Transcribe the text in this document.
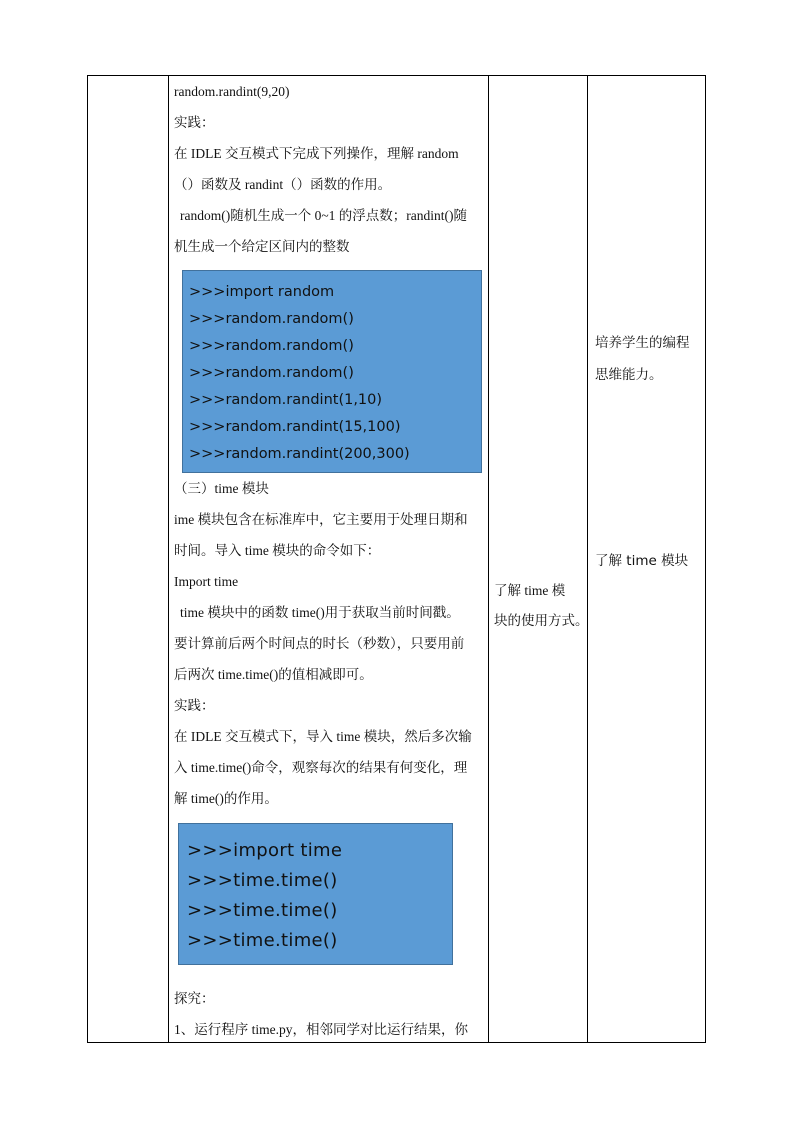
random.randint(9,20)
实践：
在 IDLE 交互模式下完成下列操作，理解 random
（）函数及 randint（）函数的作用。
random()随机生成一个 0~1 的浮点数；randint()随
机生成一个给定区间内的整数
>>>import random
>>>random.random()
>>>random.random()
>>>random.random()
>>>random.randint(1,10)
>>>random.randint(15,100)
>>>random.randint(200,300)
（三）time 模块
ime 模块包含在标准库中，它主要用于处理日期和
时间。导入 time 模块的命令如下：
Import time
time 模块中的函数 time()用于获取当前时间戳。
要计算前后两个时间点的时长（秒数），只要用前
后两次 time.time()的值相减即可。
实践：
在 IDLE 交互模式下，导入 time 模块，然后多次输
入 time.time()命令，观察每次的结果有何变化，理
解 time()的作用。
>>>import time
>>>time.time()
>>>time.time()
>>>time.time()
探究：
1、运行程序 time.py，相邻同学对比运行结果，你
了解 time 模
块的使用方式。
培养学生的编程
思维能力。
了解 time 模块
